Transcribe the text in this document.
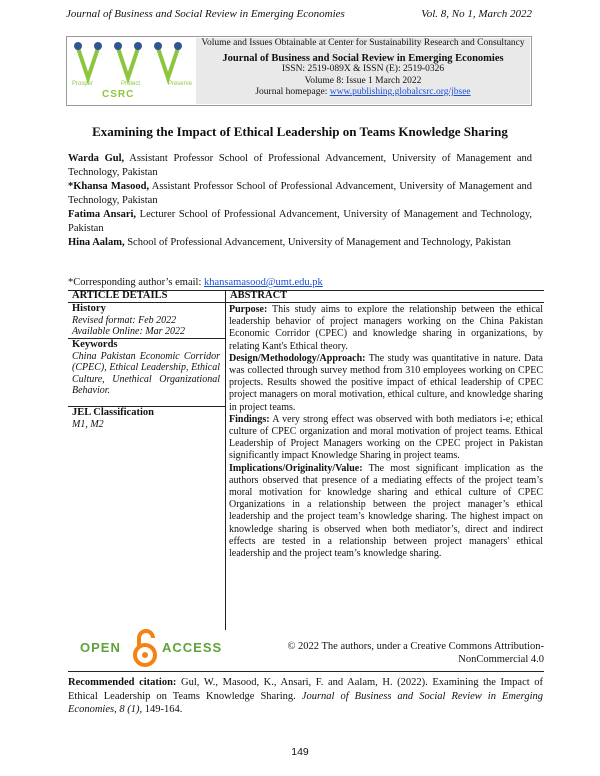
Journal of Business and Social Review in Emerging Economies	Vol. 8, No 1, March 2022
Prosper	Protect	Preserve
CSRC
Volume and Issues Obtainable at Center for Sustainability Research and Consultancy
Journal of Business and Social Review in Emerging Economies
ISSN: 2519-089X & ISSN (E): 2519-0326
Volume 8: Issue 1 March 2022
Journal homepage: www.publishing.globalcsrc.org/jbsee
Examining the Impact of Ethical Leadership on Teams Knowledge Sharing
Warda Gul, Assistant Professor School of Professional Advancement, University of Management and Technology, Pakistan
*Khansa Masood, Assistant Professor School of Professional Advancement, University of Management and Technology, Pakistan
Fatima Ansari, Lecturer School of Professional Advancement, University of Management and Technology, Pakistan
Hina Aalam, School of Professional Advancement, University of Management and Technology, Pakistan
*Corresponding author’s email: khansamasood@umt.edu.pk
ARTICLE DETAILS	ABSTRACT
History
Revised format: Feb 2022
Available Online: Mar 2022
Keywords
China Pakistan Economic Corridor (CPEC), Ethical Leadership, Ethical Culture, Unethical Organizational Behavior.
JEL Classification
M1, M2
Purpose: This study aims to explore the relationship between the ethical leadership behavior of project managers working on the China Pakistan Economic Corridor (CPEC) and knowledge sharing in organizations, by relating Kant's Ethical theory.
Design/Methodology/Approach: The study was quantitative in nature. Data was collected through survey method from 310 employees working on CPEC projects. Results showed the positive impact of ethical leadership of CPEC project managers on moral motivation, ethical culture, and knowledge sharing in project teams.
Findings: A very strong effect was observed with both mediators i-e; ethical culture of CPEC organization and moral motivation of project teams. Ethical Leadership of Project Managers working on the CPEC project in Pakistan significantly impact Knowledge Sharing in project teams.
Implications/Originality/Value: The most significant implication as the authors observed that presence of a mediating effects of the project team’s moral motivation for knowledge sharing and ethical culture of CPEC Organizations in a relationship between the project manager’s ethical leadership and the project team’s knowledge sharing. The highest impact on knowledge sharing is observed when both mediator’s, direct and indirect effects are tested in a relationship between project managers' ethical leadership and the project team’s knowledge sharing.
OPEN	ACCESS	© 2022 The authors, under a Creative Commons Attribution-NonCommercial 4.0
Recommended citation: Gul, W., Masood, K., Ansari, F. and Aalam, H. (2022). Examining the Impact of Ethical Leadership on Teams Knowledge Sharing. Journal of Business and Social Review in Emerging Economies, 8 (1), 149-164.
149
